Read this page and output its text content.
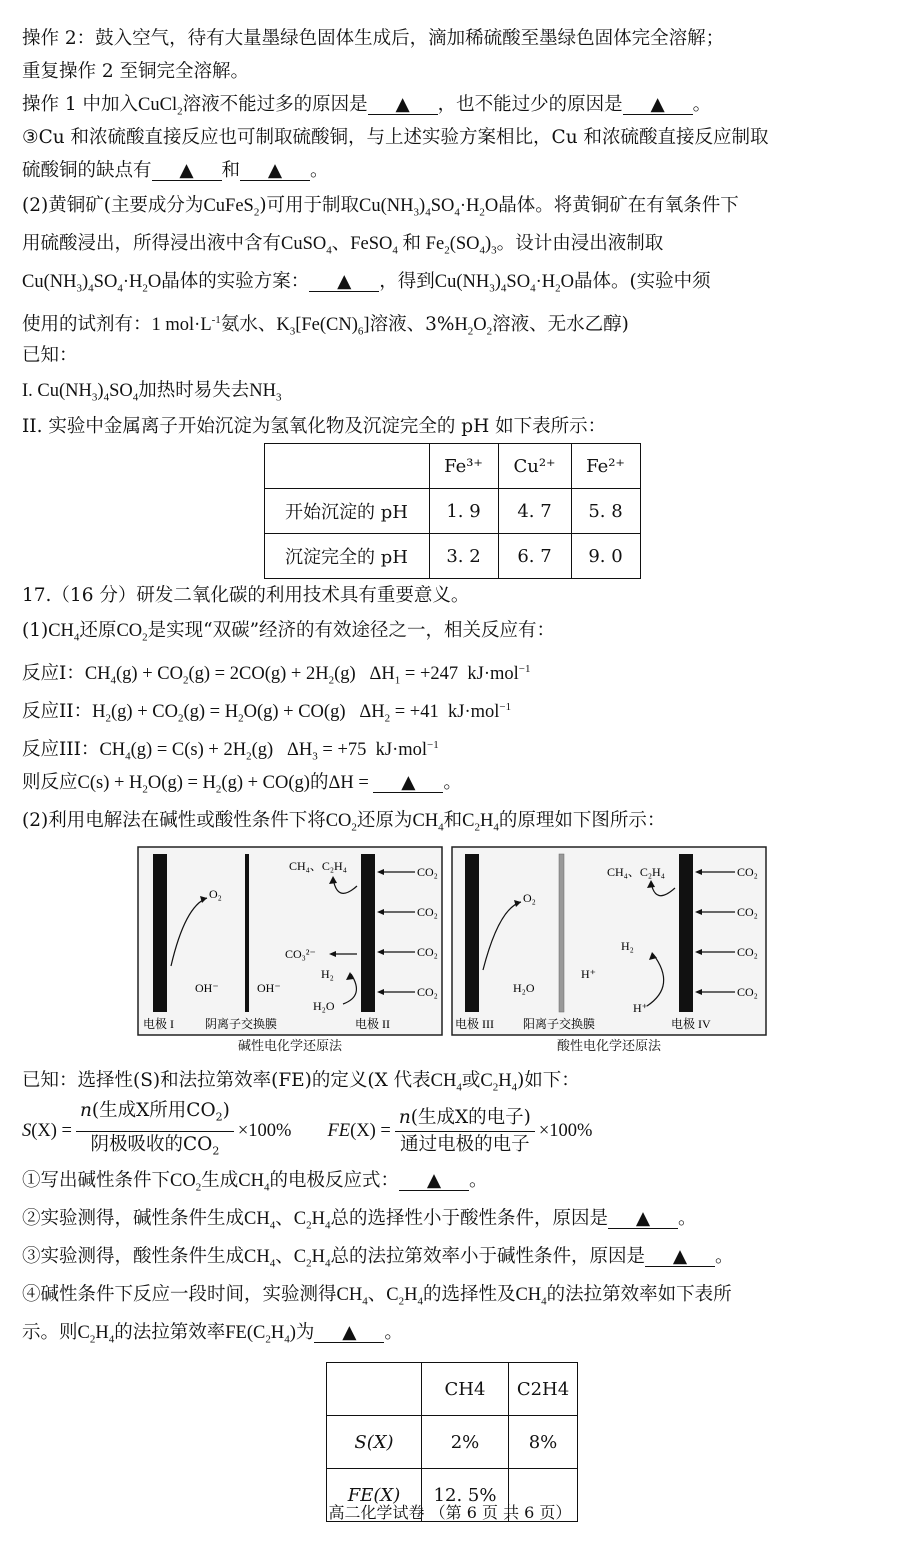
操作 2：鼓入空气，待有大量墨绿色固体生成后，滴加稀硫酸至墨绿色固体完全溶解；
重复操作 2 至铜完全溶解。
操作 1 中加入CuCl$_2$溶液不能过多的原因是 ▲ ，也不能过少的原因是 ▲ 。
③Cu 和浓硫酸直接反应也可制取硫酸铜，与上述实验方案相比，Cu 和浓硫酸直接反应制取
硫酸铜的缺点有 ▲ 和 ▲ 。
(2)黄铜矿(主要成分为CuFeS$_2$)可用于制取$Cu(NH_3)_4SO_4\cdot H_2O$晶体。将黄铜矿在有氧条件下
用硫酸浸出，所得浸出液中含有CuSO$_4$、FeSO$_4$ 和 $Fe_2(SO_4)_3$。设计由浸出液制取
$Cu(NH_3)_4SO_4\cdot H_2O$晶体的实验方案： ▲ ，得到$Cu(NH_3)_4SO_4\cdot H_2O$晶体。(实验中须
使用的试剂有：1 $mol\cdot L^{-1}$氨水、$K_3[Fe(CN)_6]$溶液、$3\%H_2O_2$溶液、无水乙醇)
已知：
I. $Cu(NH_3)_4SO_4$加热时易失去$NH_3$
II. 实验中金属离子开始沉淀为氢氧化物及沉淀完全的 pH 如下表所示：
	Fe³⁺	Cu²⁺	Fe²⁺
开始沉淀的 pH	1. 9	4. 7	5. 8
沉淀完全的 pH	3. 2	6. 7	9. 0
17.（16 分）研发二氧化碳的利用技术具有重要意义。
$(1)CH_4$还原$CO_2$是实现“双碳”经济的有效途径之一，相关反应有：
反应I：$CH_4(g) + CO_2(g) = 2CO(g) + 2H_2(g) \Delta H_1 = +247$  kJ·mol$^{-1}$
反应II：$H_2(g) + CO_2(g) = H_2O(g) + CO(g) \Delta H_2 = +41$  kJ·mol$^{-1}$
反应III：$CH_4(g) = C(s) + 2H_2(g) \Delta H_3 = +75$  kJ·mol$^{-1}$
则反应$C(s) + H_2O(g) = H_2(g) + CO(g)$的ΔH = ▲ 。
(2)利用电解法在碱性或酸性条件下将$CO_2$还原为$CH_4$和$C_2H_4$的原理如下图所示：
O₂
OH⁻	OH⁻
CH₄、C₂H₄
CO₃²⁻
H₂
H₂O
CO₂
CO₂
CO₂
CO₂
电极 I	阴离子交换膜	电极 II
碱性电化学还原法
O₂
H₂O
H⁺
CH₄、C₂H₄
H₂
H⁺
CO₂
CO₂
CO₂
CO₂
电极 III 阳离子交换膜	电极 IV
酸性电化学还原法
已知：选择性(S)和法拉第效率(FE)的定义(X 代表$CH_4$或$C_2H_4$)如下：
$S(X) = \frac{n(生成X所用CO_2)}{阴极吸收的CO_2} \times 100\%$ $FE(X) = \frac{\text{n(生成X的电子)}}{\text{通过电极的电子}} \times 100\%$
①写出碱性条件下$CO_2$生成$CH_4$的电极反应式： ▲ 。
②实验测得，碱性条件生成$CH_4$、$C_2H_4$总的选择性小于酸性条件，原因是 ▲ 。
③实验测得，酸性条件生成$CH_4$、$C_2H_4$总的法拉第效率小于碱性条件，原因是 ▲ 。
④碱性条件下反应一段时间，实验测得$CH_4$、$C_2H_4$的选择性及$CH_4$的法拉第效率如下表所
示。则$C_2H_4$的法拉第效率$FE(C_2H_4)$为 ▲ 。
	CH4	C2H4
S(X)	2%	8%
FE(X)	12. 5%	
高二化学试卷 （第 6 页 共 6 页）
